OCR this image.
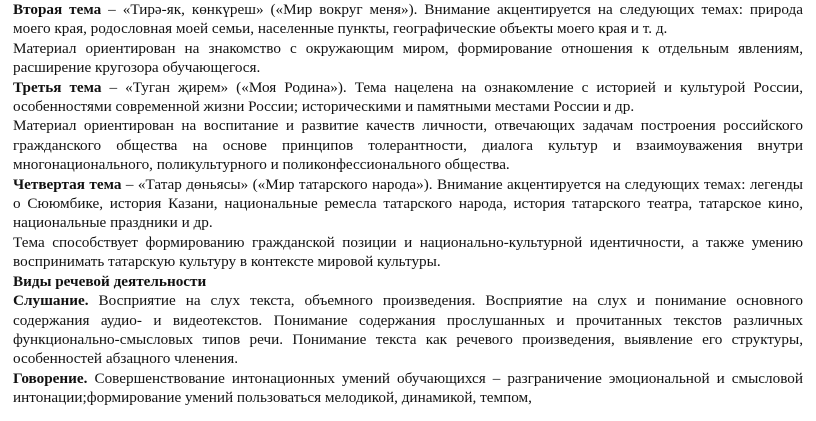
Вторая тема – «Тирә-як, көнкүреш» («Мир вокруг меня»). Внимание акцентируется на следующих темах: природа моего края, родословная моей семьи, населенные пункты, географические объекты моего края и т. д.

Материал ориентирован на знакомство с окружающим миром, формирование отношения к отдельным явлениям, расширение кругозора обучающегося.

Третья тема – «Туган җирем» («Моя Родина»). Тема нацелена на ознакомление с историей и культурой России, особенностями современной жизни России; историческими и памятными местами России и др.

Материал ориентирован на воспитание и развитие качеств личности, отвечающих задачам построения российского гражданского общества на основе принципов толерантности, диалога культур и взаимоуважения внутри многонационального, поликультурного и поликонфессионального общества.

Четвертая тема – «Татар дөньясы» («Мир татарского народа»). Внимание акцентируется на следующих темах: легенды о Сююмбике, история Казани, национальные ремесла татарского народа, история татарского театра, татарское кино, национальные праздники и др.

Тема способствует формированию гражданской позиции и национально-культурной идентичности, а также умению воспринимать татарскую культуру в контексте мировой культуры.

Виды речевой деятельности

Слушание. Восприятие на слух текста, объемного произведения. Восприятие на слух и понимание основного содержания аудио- и видеотекстов. Понимание содержания прослушанных и прочитанных текстов различных функционально-смысловых типов речи. Понимание текста как речевого произведения, выявление его структуры, особенностей абзацного членения.

Говорение. Совершенствование интонационных умений обучающихся – разграничение эмоциональной и смысловой интонации;формирование умений пользоваться мелодикой, динамикой, темпом,
